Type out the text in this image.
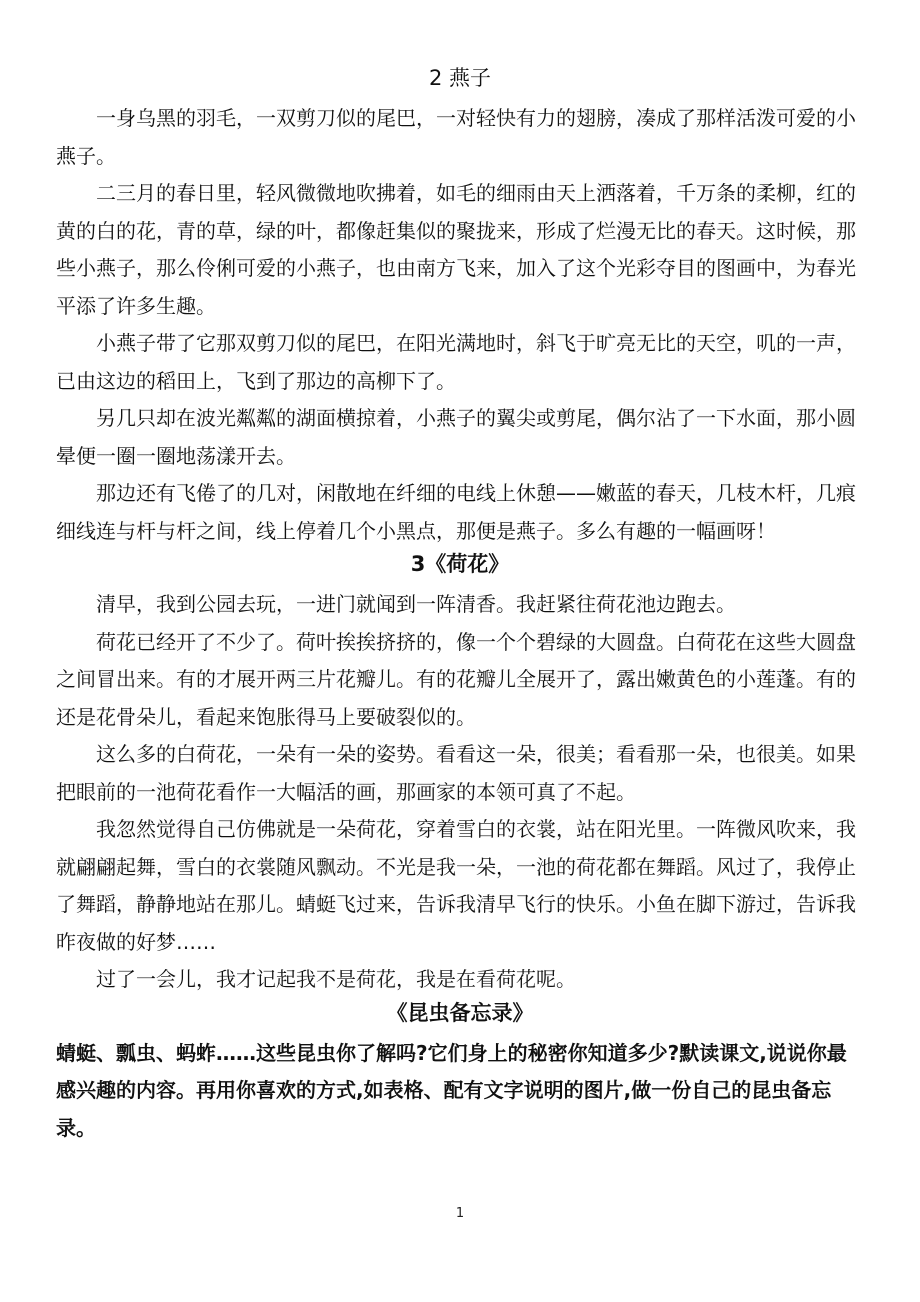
2 燕子

一身乌黑的羽毛，一双剪刀似的尾巴，一对轻快有力的翅膀，凑成了那样活泼可爱的小燕子。

二三月的春日里，轻风微微地吹拂着，如毛的细雨由天上洒落着，千万条的柔柳，红的黄的白的花，青的草，绿的叶，都像赶集似的聚拢来，形成了烂漫无比的春天。这时候，那些小燕子，那么伶俐可爱的小燕子，也由南方飞来，加入了这个光彩夺目的图画中，为春光平添了许多生趣。

小燕子带了它那双剪刀似的尾巴，在阳光满地时，斜飞于旷亮无比的天空，叽的一声，已由这边的稻田上，飞到了那边的高柳下了。

另几只却在波光粼粼的湖面横掠着，小燕子的翼尖或剪尾，偶尔沾了一下水面，那小圆晕便一圈一圈地荡漾开去。

那边还有飞倦了的几对，闲散地在纤细的电线上休憩——嫩蓝的春天，几枝木杆，几痕细线连与杆与杆之间，线上停着几个小黑点，那便是燕子。多么有趣的一幅画呀！

3《荷花》

清早，我到公园去玩，一进门就闻到一阵清香。我赶紧往荷花池边跑去。

荷花已经开了不少了。荷叶挨挨挤挤的，像一个个碧绿的大圆盘。白荷花在这些大圆盘之间冒出来。有的才展开两三片花瓣儿。有的花瓣儿全展开了，露出嫩黄色的小莲蓬。有的还是花骨朵儿，看起来饱胀得马上要破裂似的。

这么多的白荷花，一朵有一朵的姿势。看看这一朵，很美；看看那一朵，也很美。如果把眼前的一池荷花看作一大幅活的画，那画家的本领可真了不起。

我忽然觉得自己仿佛就是一朵荷花，穿着雪白的衣裳，站在阳光里。一阵微风吹来，我就翩翩起舞，雪白的衣裳随风飘动。不光是我一朵，一池的荷花都在舞蹈。风过了，我停止了舞蹈，静静地站在那儿。蜻蜓飞过来，告诉我清早飞行的快乐。小鱼在脚下游过，告诉我昨夜做的好梦……

过了一会儿，我才记起我不是荷花，我是在看荷花呢。

《昆虫备忘录》

蜻蜓、瓢虫、蚂蚱……这些昆虫你了解吗?它们身上的秘密你知道多少?默读课文,说说你最感兴趣的内容。再用你喜欢的方式,如表格、配有文字说明的图片,做一份自己的昆虫备忘录。

1
